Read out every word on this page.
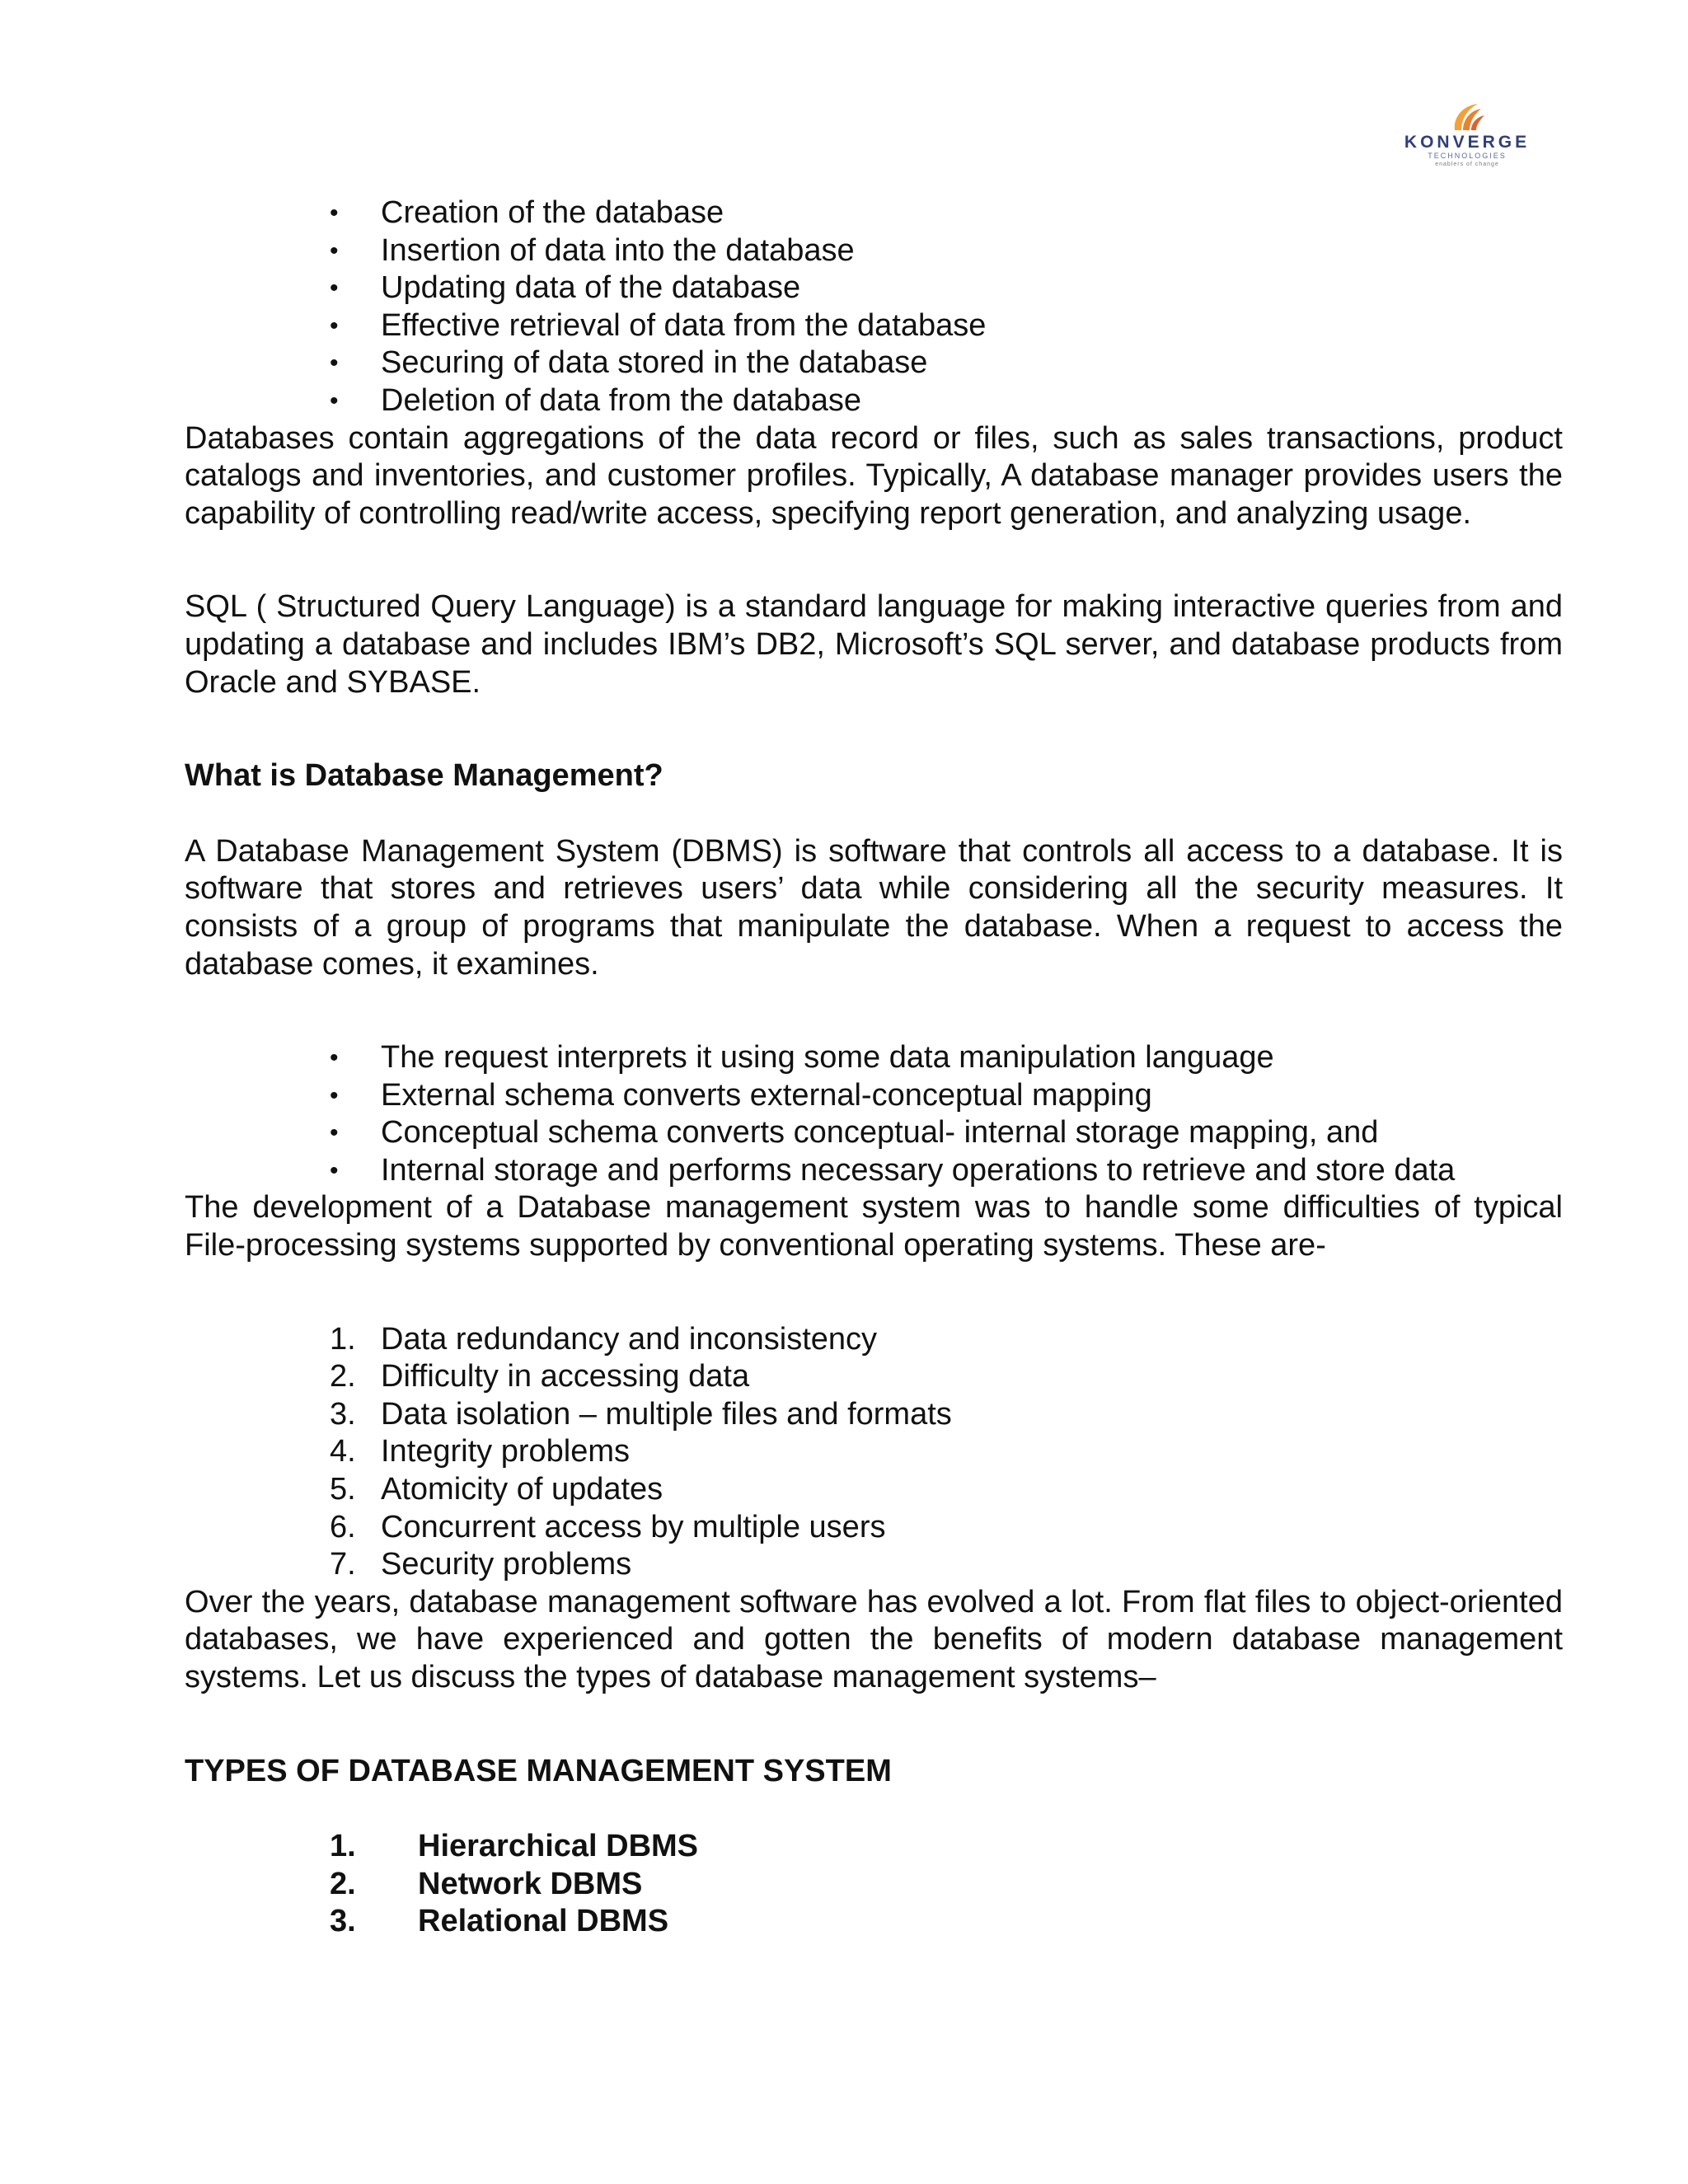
KONVERGE
TECHNOLOGIES
enablers of change
• Creation of the database
• Insertion of data into the database
• Updating data of the database
• Effective retrieval of data from the database
• Securing of data stored in the database
• Deletion of data from the database

Databases contain aggregations of the data record or files, such as sales transactions, product catalogs and inventories, and customer profiles. Typically, A database manager provides users the capability of controlling read/write access, specifying report generation, and analyzing usage.

SQL ( Structured Query Language) is a standard language for making interactive queries from and updating a database and includes IBM’s DB2, Microsoft’s SQL server, and database products from Oracle and SYBASE.

What is Database Management?

A Database Management System (DBMS) is software that controls all access to a database. It is software that stores and retrieves users’ data while considering all the security measures. It consists of a group of programs that manipulate the database. When a request to access the database comes, it examines.

• The request interprets it using some data manipulation language
• External schema converts external-conceptual mapping
• Conceptual schema converts conceptual- internal storage mapping, and
• Internal storage and performs necessary operations to retrieve and store data

The development of a Database management system was to handle some difficulties of typical File-processing systems supported by conventional operating systems. These are-

1. Data redundancy and inconsistency
2. Difficulty in accessing data
3. Data isolation – multiple files and formats
4. Integrity problems
5. Atomicity of updates
6. Concurrent access by multiple users
7. Security problems

Over the years, database management software has evolved a lot. From flat files to object-oriented databases, we have experienced and gotten the benefits of modern database management systems. Let us discuss the types of database management systems–

TYPES OF DATABASE MANAGEMENT SYSTEM
1. Hierarchical DBMS
2. Network DBMS
3. Relational DBMS
